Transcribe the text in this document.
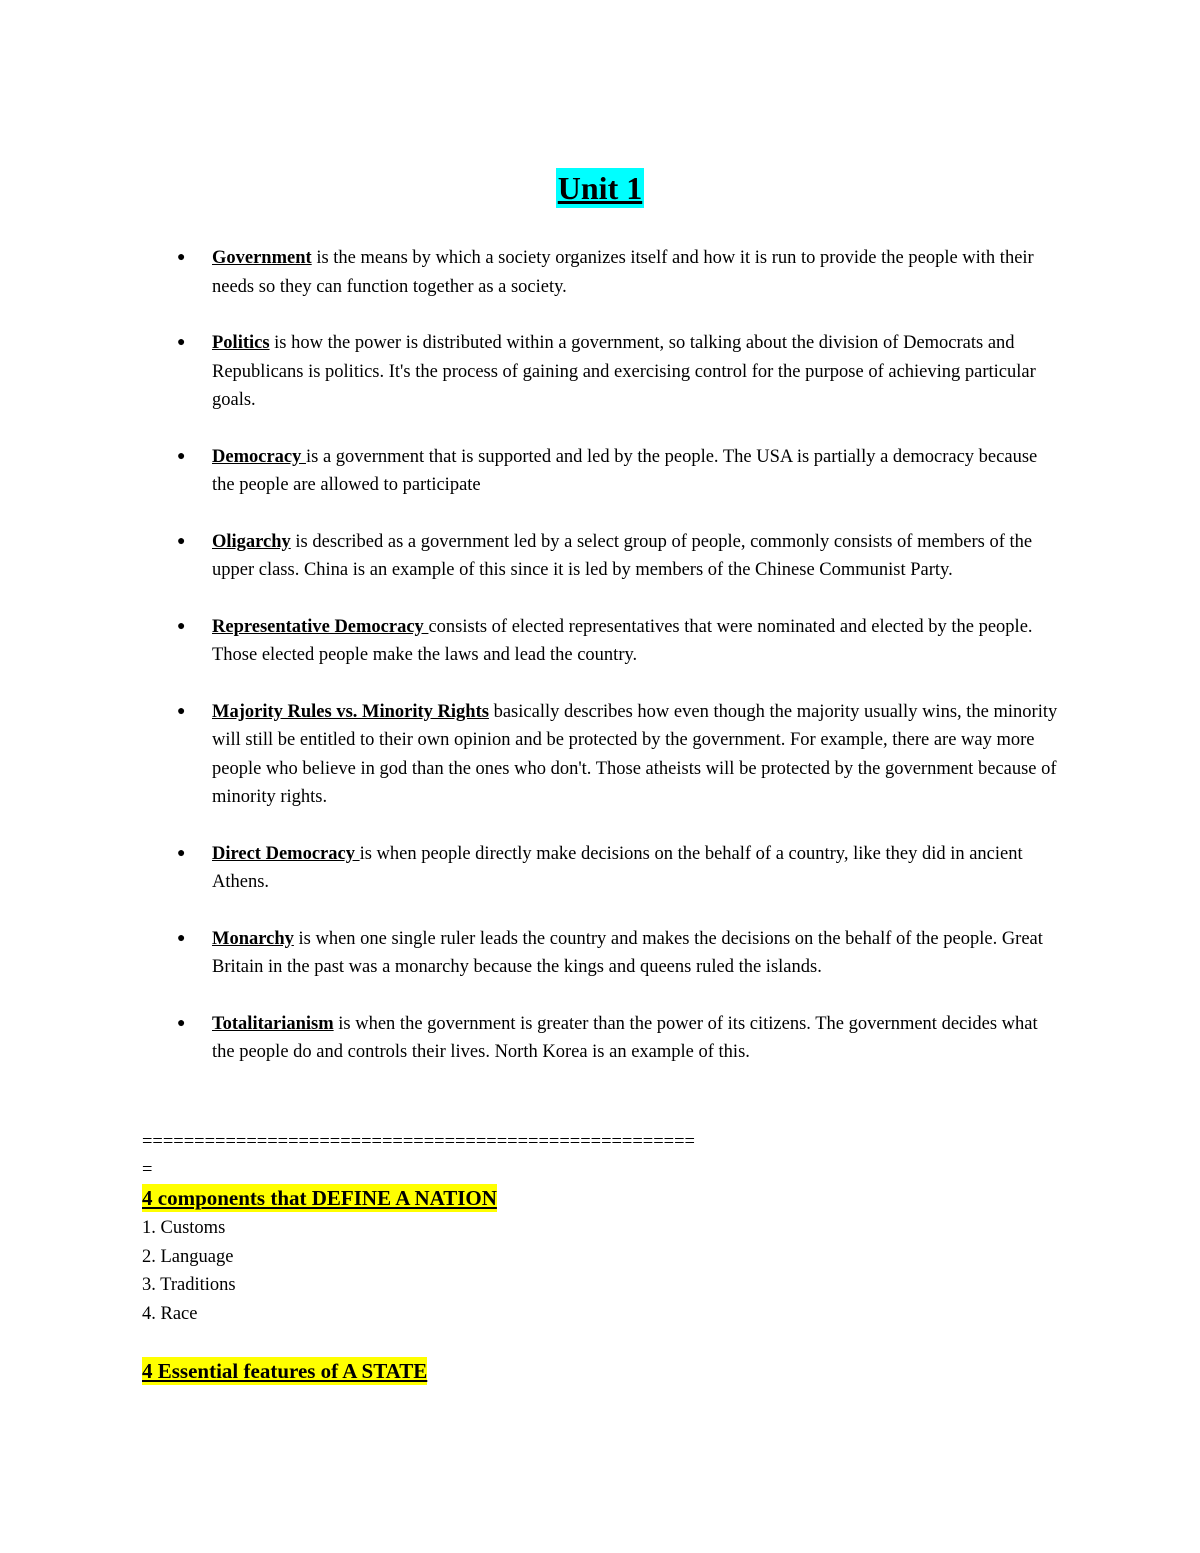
Unit 1
● Government is the means by which a society organizes itself and how it is run to provide the people with their needs so they can function together as a society.
● Politics is how the power is distributed within a government, so talking about the division of Democrats and Republicans is politics. It's the process of gaining and exercising control for the purpose of achieving particular goals.
● Democracy is a government that is supported and led by the people. The USA is partially a democracy because the people are allowed to participate
● Oligarchy is described as a government led by a select group of people, commonly consists of members of the upper class. China is an example of this since it is led by members of the Chinese Communist Party.
● Representative Democracy consists of elected representatives that were nominated and elected by the people. Those elected people make the laws and lead the country.
● Majority Rules vs. Minority Rights basically describes how even though the majority usually wins, the minority will still be entitled to their own opinion and be protected by the government. For example, there are way more people who believe in god than the ones who don't. Those atheists will be protected by the government because of minority rights.
● Direct Democracy is when people directly make decisions on the behalf of a country, like they did in ancient Athens.
● Monarchy is when one single ruler leads the country and makes the decisions on the behalf of the people. Great Britain in the past was a monarchy because the kings and queens ruled the islands.
● Totalitarianism is when the government is greater than the power of its citizens. The government decides what the people do and controls their lives. North Korea is an example of this.

=====================================================
=

4 components that DEFINE A NATION

1. Customs
2. Language
3. Traditions
4. Race

4 Essential features of A STATE
